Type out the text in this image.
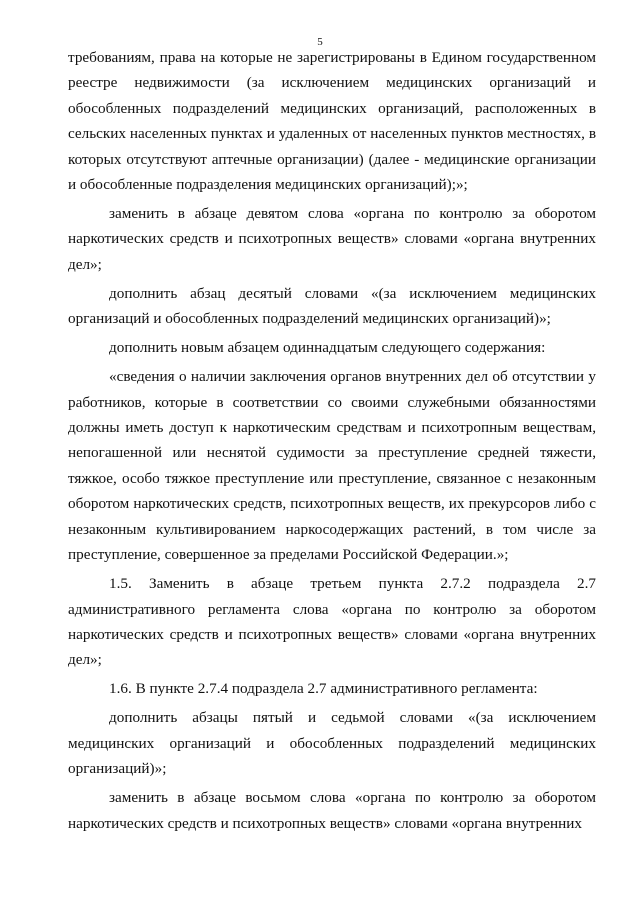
5

требованиям, права на которые не зарегистрированы в Едином государственном реестре недвижимости (за исключением медицинских организаций и обособленных подразделений медицинских организаций, расположенных в сельских населенных пунктах и удаленных от населенных пунктов местностях, в которых отсутствуют аптечные организации) (далее - медицинские организации и обособленные подразделения медицинских организаций);»;

заменить в абзаце девятом слова «органа по контролю за оборотом наркотических средств и психотропных веществ» словами «органа внутренних дел»;

дополнить абзац десятый словами «(за исключением медицинских организаций и обособленных подразделений медицинских организаций)»;

дополнить новым абзацем одиннадцатым следующего содержания:

«сведения о наличии заключения органов внутренних дел об отсутствии у работников, которые в соответствии со своими служебными обязанностями должны иметь доступ к наркотическим средствам и психотропным веществам, непогашенной или неснятой судимости за преступление средней тяжести, тяжкое, особо тяжкое преступление или преступление, связанное с незаконным оборотом наркотических средств, психотропных веществ, их прекурсоров либо с незаконным культивированием наркосодержащих растений, в том числе за преступление, совершенное за пределами Российской Федерации.»;

1.5. Заменить в абзаце третьем пункта 2.7.2 подраздела 2.7 административного регламента слова «органа по контролю за оборотом наркотических средств и психотропных веществ» словами «органа внутренних дел»;

1.6. В пункте 2.7.4 подраздела 2.7 административного регламента:

дополнить абзацы пятый и седьмой словами «(за исключением медицинских организаций и обособленных подразделений медицинских организаций)»;

заменить в абзаце восьмом слова «органа по контролю за оборотом наркотических средств и психотропных веществ» словами «органа внутренних
